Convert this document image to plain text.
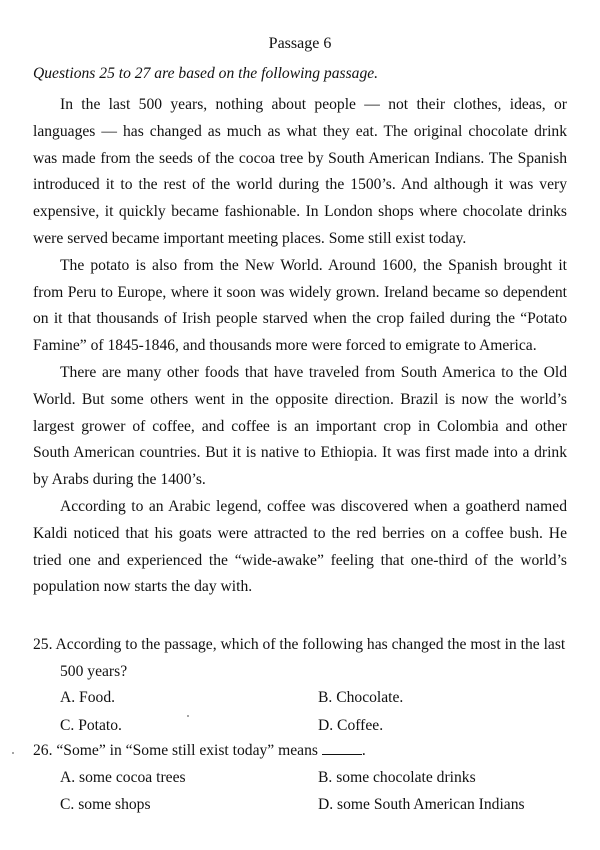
Passage 6
Questions 25 to 27 are based on the following passage.

In the last 500 years, nothing about people — not their clothes, ideas, or languages — has changed as much as what they eat. The original chocolate drink was made from the seeds of the cocoa tree by South American Indians. The Spanish introduced it to the rest of the world during the 1500’s. And although it was very expensive, it quickly became fashionable. In London shops where chocolate drinks were served became important meeting places. Some still exist today.

The potato is also from the New World. Around 1600, the Spanish brought it from Peru to Europe, where it soon was widely grown. Ireland became so dependent on it that thousands of Irish people starved when the crop failed during the “Potato Famine” of 1845-1846, and thousands more were forced to emigrate to America.

There are many other foods that have traveled from South America to the Old World. But some others went in the opposite direction. Brazil is now the world’s largest grower of coffee, and coffee is an important crop in Colombia and other South American countries. But it is native to Ethiopia. It was first made into a drink by Arabs during the 1400’s.

According to an Arabic legend, coffee was discovered when a goatherd named Kaldi noticed that his goats were attracted to the red berries on a coffee bush. He tried one and experienced the “wide-awake” feeling that one-third of the world’s population now starts the day with.

25. According to the passage, which of the following has changed the most in the last 500 years?
A. Food.	B. Chocolate.
C. Potato.	D. Coffee.
26. “Some” in “Some still exist today” means	.
A. some cocoa trees	B. some chocolate drinks
C. some shops	D. some South American Indians
